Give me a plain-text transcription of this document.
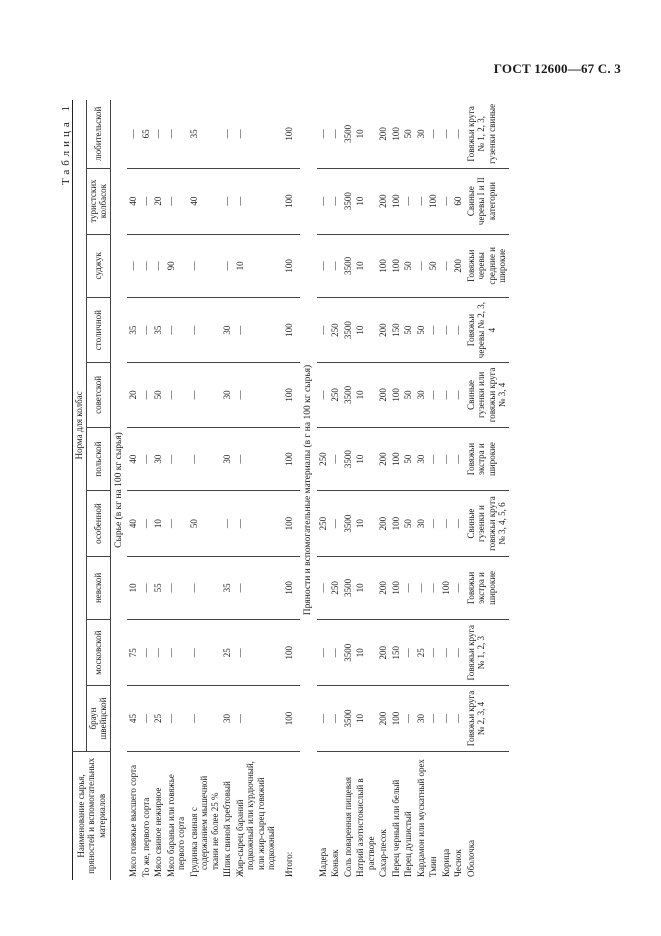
ГОСТ 12600—67 С. 3
Таблица 1
Наименование сырья, пряностей и вспомогательных материалов	Норма для колбас									
	браун швейцской	московской	невской	особенной	польской	советской	столичной	суджук	туристских колбасок	любительской
Сырье (в кг на 100 кг сырья)										
Мясо говяжье высшего сорта	45	75	10	40	40	20	35	—	40	—
То же, первого сорта	—	—	—	—	—	—	—	—	—	65
Мясо свиное нежирное	25	—	55	10	30	50	35	—	20	—
Мясо бараньи или говяжье первого сорта	—	—	—	—	—	—	—	90	—	—
Грудинка свиная с содержанием мышечной ткани не более 25 %	—	—	—	50	—	—	—	—	40	35
Шпик свиной хребтовый	30	25	35	—	30	30	30	—	—	—
Жир-сырец бараний подкожный или курдючный, или жир-сырец говяжий подкожный	—	—	—	—	—	—	—	10	—	—
Итого:	100	100	100	100	100	100	100	100	100	100
Пряности и вспомогательные материалы (в г на 100 кг сырья)										
Мадера	—	—	—	250	250	—	—	—	—	—
Коньяк	—	—	250	—	—	250	250	—	—	—
Соль поваренная пищевая	3500	3500	3500	3500	3500	3500	3500	3500	3500	3500
Натрий азотистокислый в растворе	10	10	10	10	10	10	10	10	10	10
Сахар-песок	200	200	200	200	200	200	200	100	200	200
Перец черный или белый	100	150	100	100	100	100	150	100	100	100
Перец душистый	—	—	—	50	50	50	50	50	—	50
Кардамон или мускатный орех	30	25	—	30	30	30	50	—	—	30
Тмин	—	—	—	—	—	—	—	50	100	—
Корица	—	—	100	—	—	—	—	—	—	—
Чеснок	—	—	—	—	—	—	—	200	60	—
Оболочка	Говяжьи круга № 2, 3, 4	Говяжьи круга № 1, 2, 3	Говяжьи экстра и широкие	Свиные гузенки и говяжьи круга № 3, 4, 5, 6	Говяжьи экстра и широкие	Свиные гузенки или говяжьи круга № 3, 4	Говяжьи черевы № 2, 3, 4	Говяжьи черевы средние и широкие	Свиные черевы I и II категории	Говяжьи круга № 1, 2, 3, гузенки свиные
